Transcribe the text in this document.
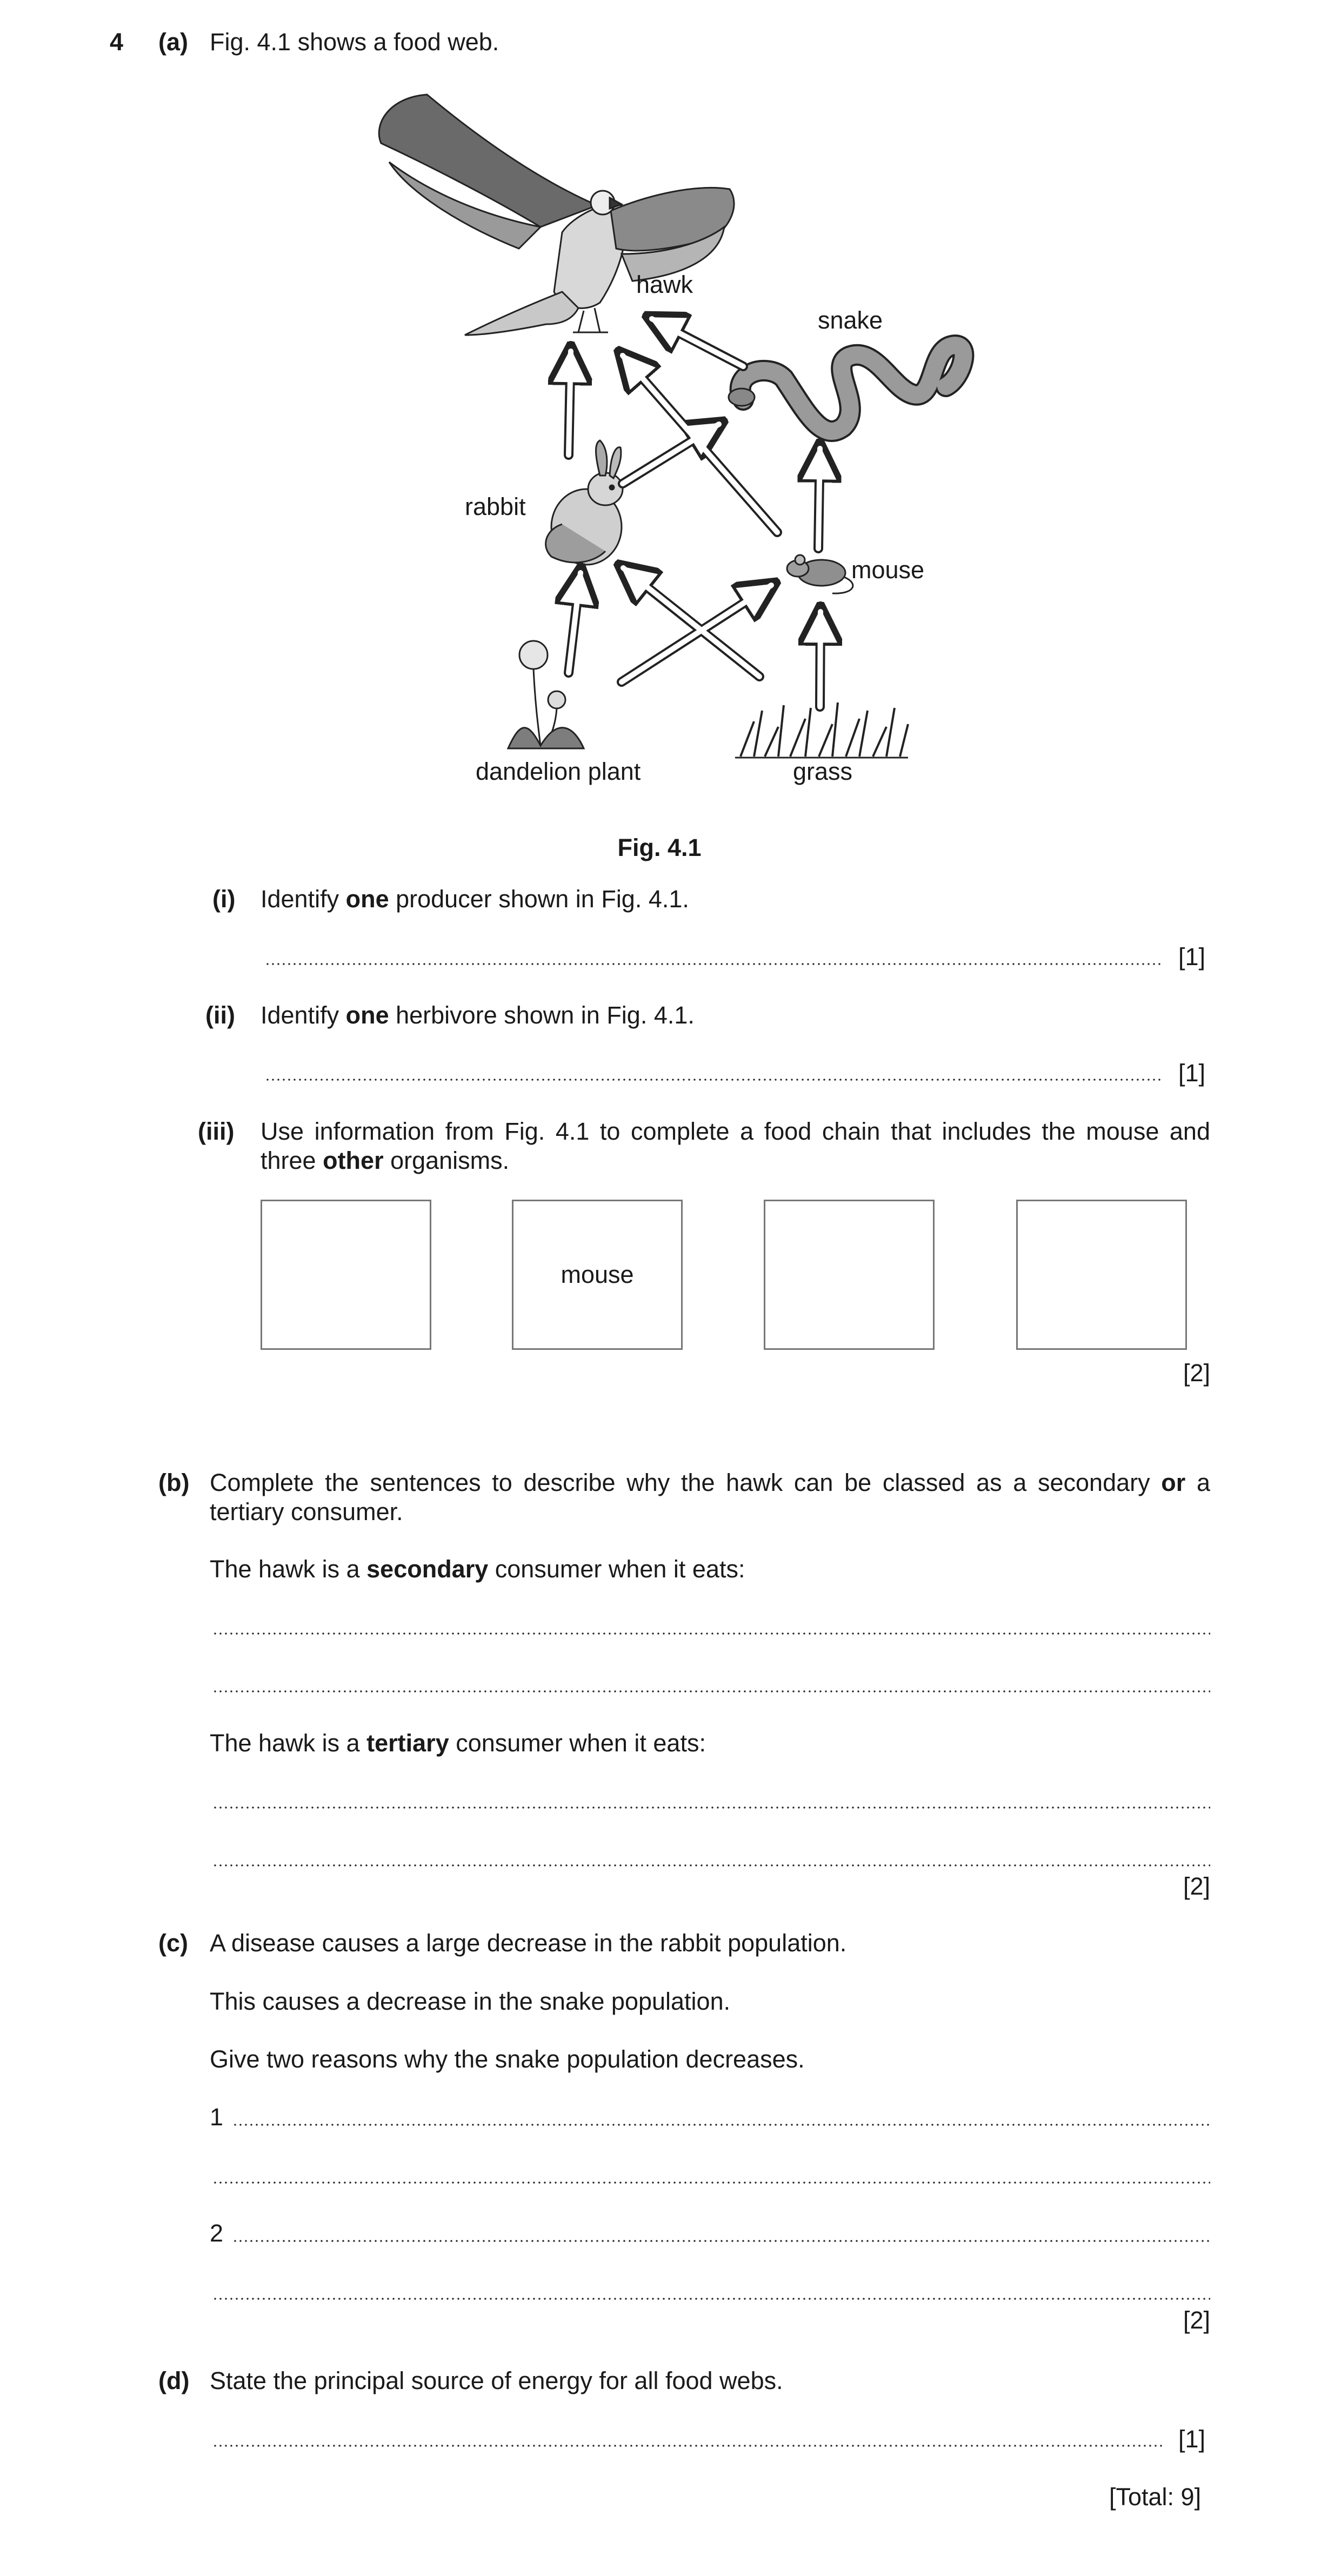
4 (a) Fig. 4.1 shows a food web.
hawk
snake
rabbit
mouse
dandelion plant	grass
Fig. 4.1
(i) Identify one producer shown in Fig. 4.1.
[1]
(ii) Identify one herbivore shown in Fig. 4.1.
[1]
(iii) Use information from Fig. 4.1 to complete a food chain that includes the mouse and
three other organisms.
mouse
[2]
(b) Complete the sentences to describe why the hawk can be classed as a secondary or a
tertiary consumer.
The hawk is a secondary consumer when it eats:
The hawk is a tertiary consumer when it eats:
[2]
(c) A disease causes a large decrease in the rabbit population.
This causes a decrease in the snake population.
Give two reasons why the snake population decreases.
1
2
[2]
(d) State the principal source of energy for all food webs.
[1]
[Total: 9]
